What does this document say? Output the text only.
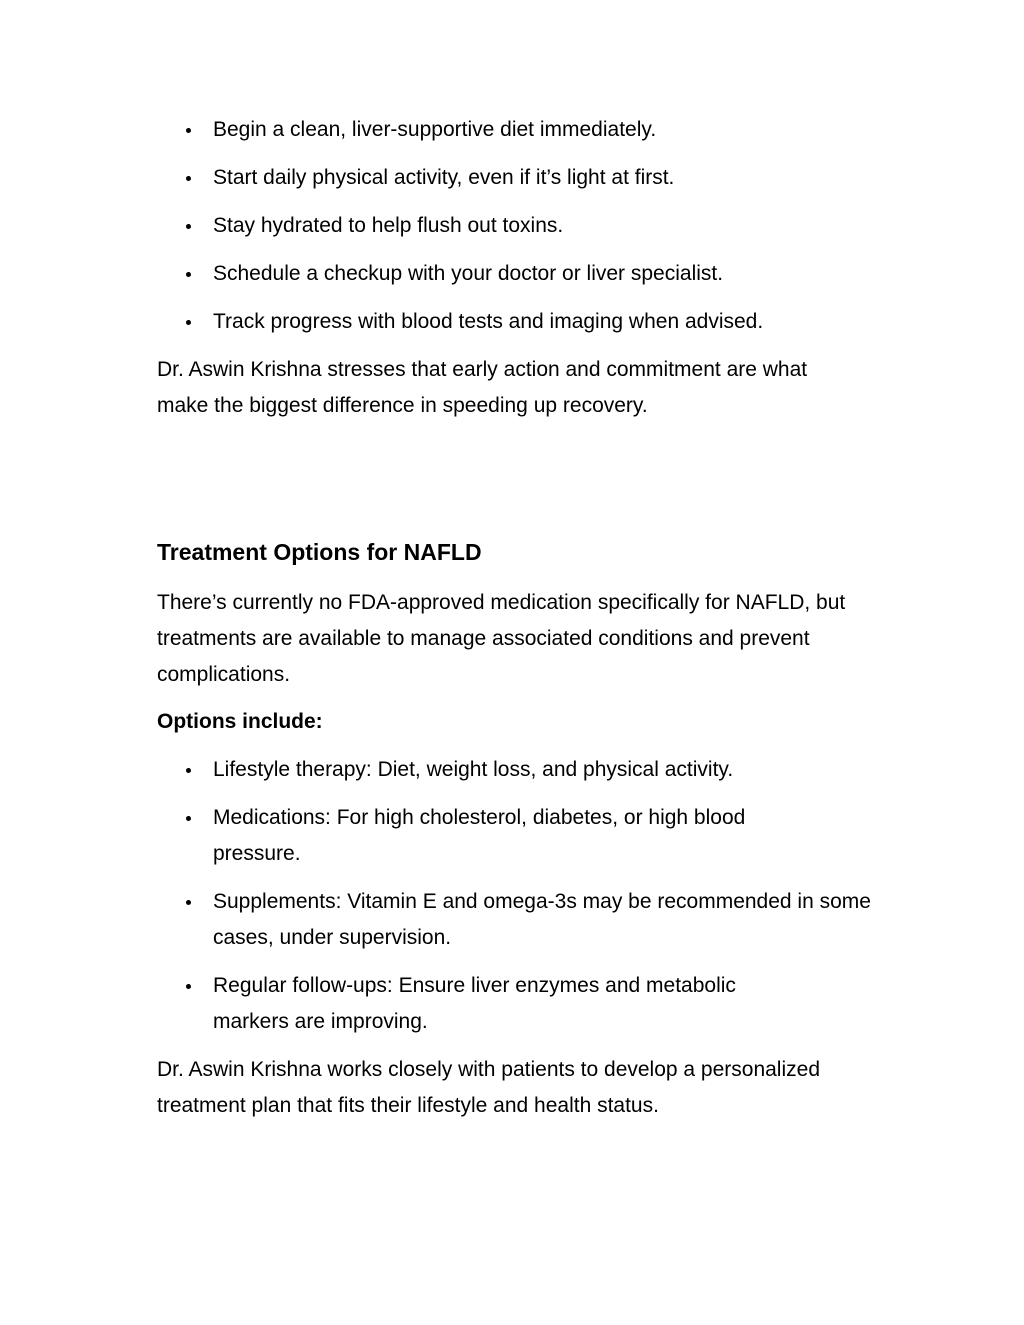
Begin a clean, liver-supportive diet immediately.
Start daily physical activity, even if it’s light at first.
Stay hydrated to help flush out toxins.
Schedule a checkup with your doctor or liver specialist.
Track progress with blood tests and imaging when advised.

Dr. Aswin Krishna stresses that early action and commitment are what make the biggest difference in speeding up recovery.

Treatment Options for NAFLD

There’s currently no FDA-approved medication specifically for NAFLD, but treatments are available to manage associated conditions and prevent complications.

Options include:

Lifestyle therapy: Diet, weight loss, and physical activity.
Medications: For high cholesterol, diabetes, or high blood pressure.
Supplements: Vitamin E and omega-3s may be recommended in some cases, under supervision.
Regular follow-ups: Ensure liver enzymes and metabolic markers are improving.

Dr. Aswin Krishna works closely with patients to develop a personalized treatment plan that fits their lifestyle and health status.
